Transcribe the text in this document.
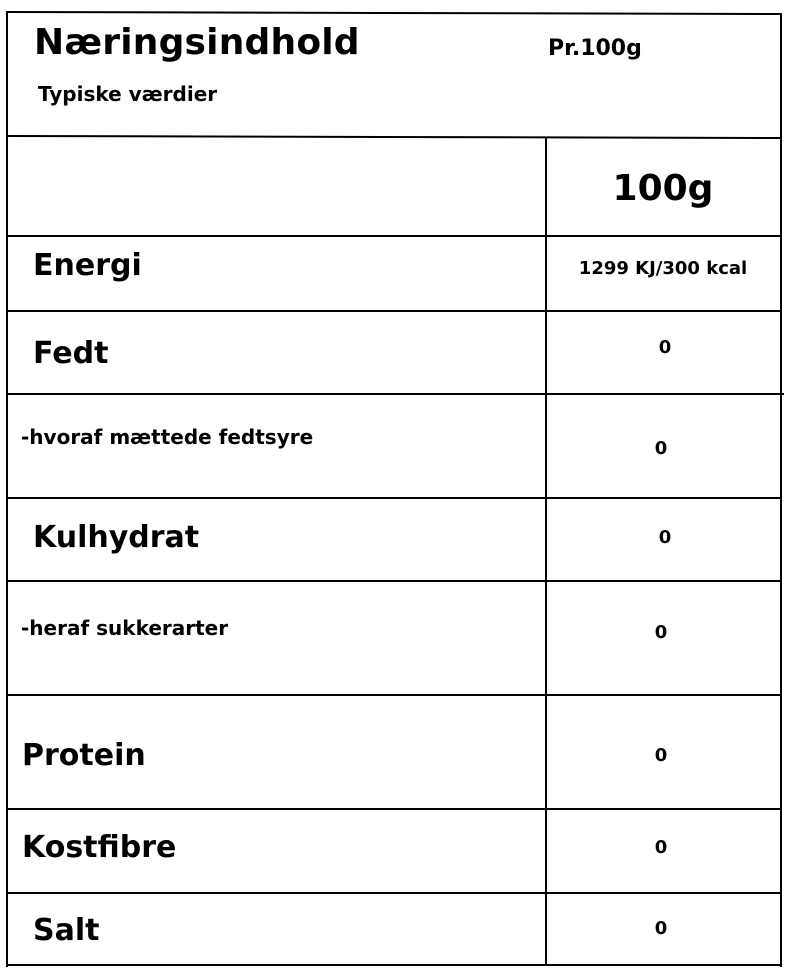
Næringsindhold
Typiske værdier
Pr.100g
100g
Energi
Fedt
-hvoraf mættede fedtsyre
Kulhydrat
-heraf sukkerarter
Protein
Kostfibre
Salt
1299 KJ/300 kcal
0
0
0
0
0
0
0
